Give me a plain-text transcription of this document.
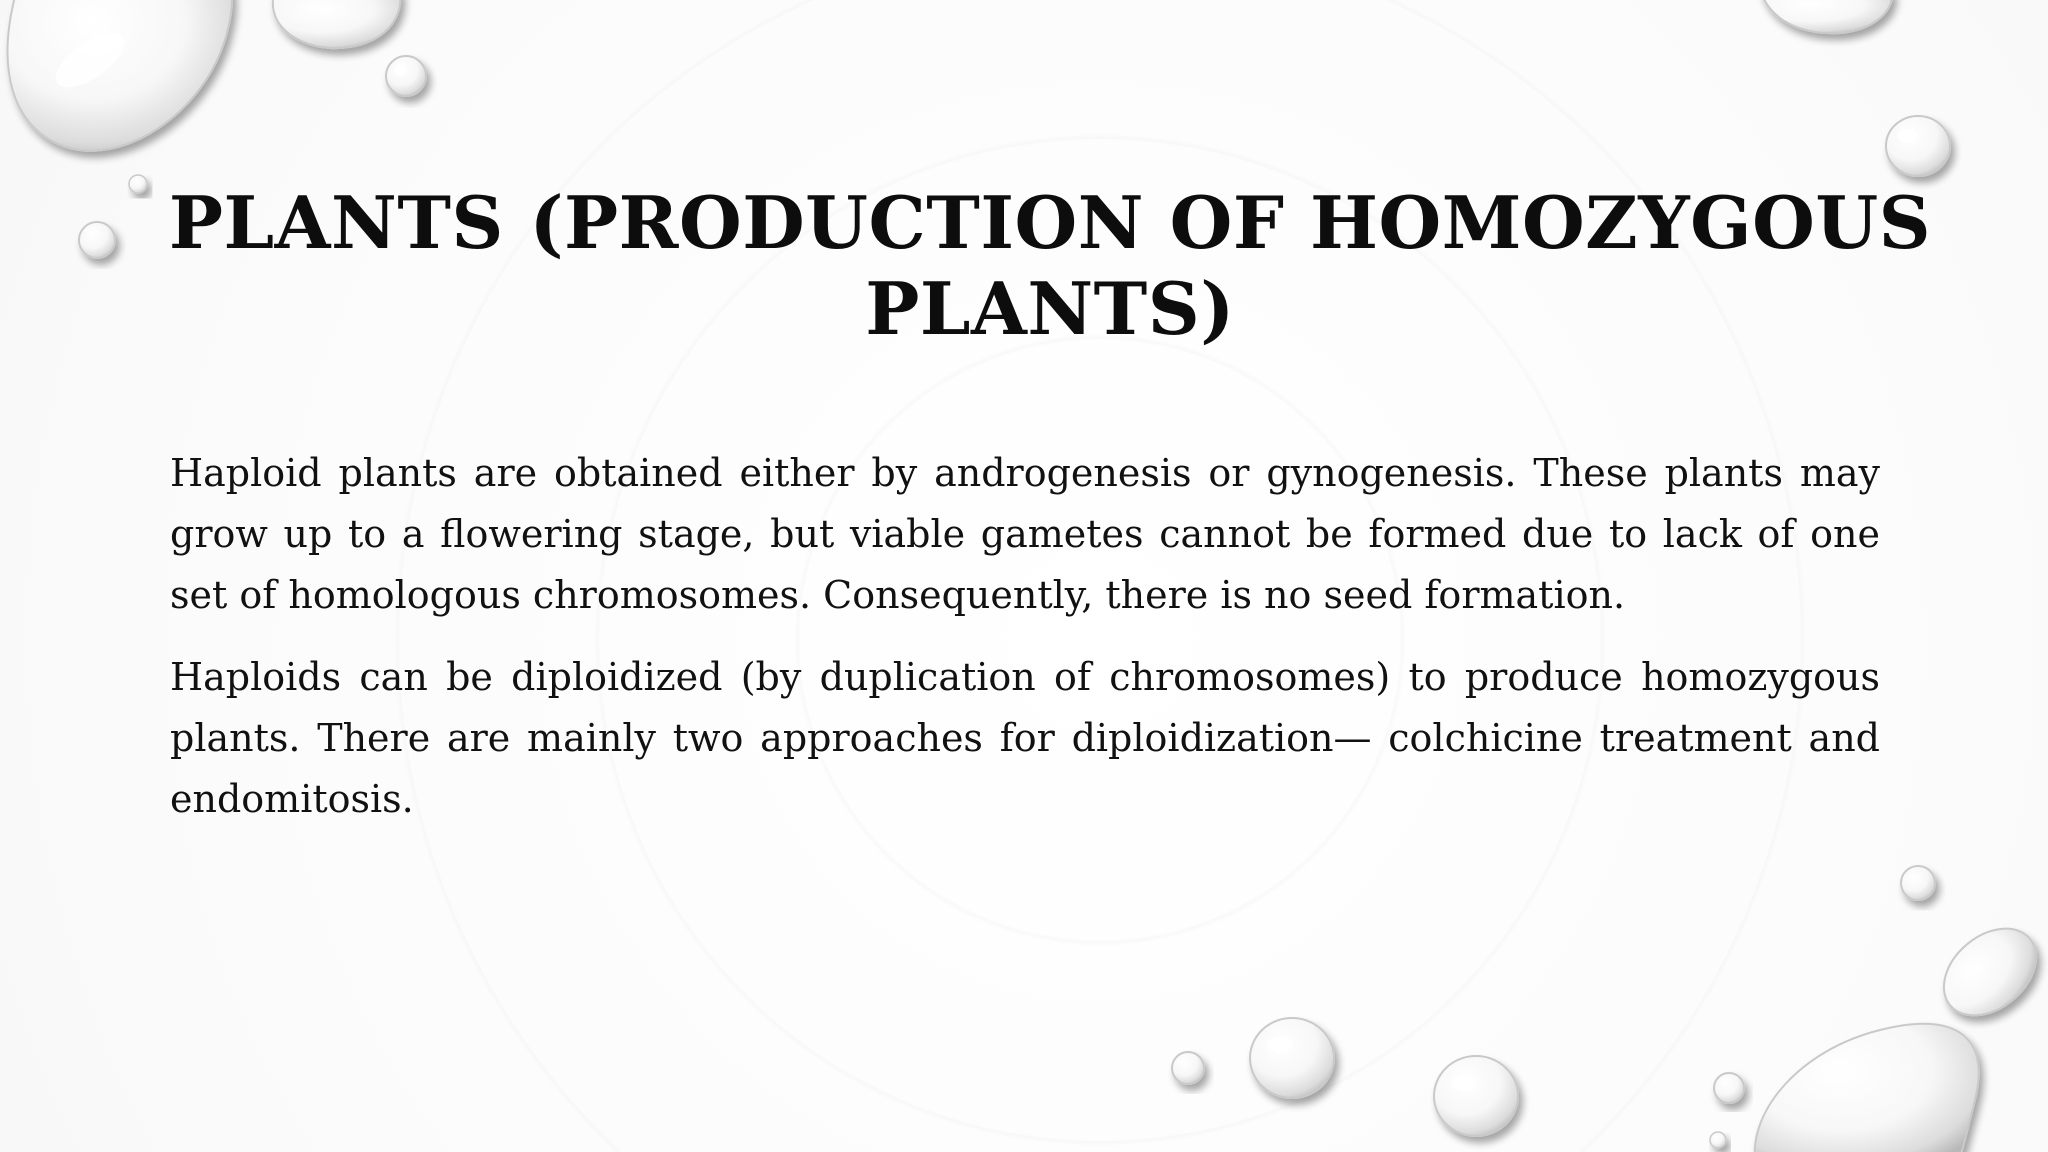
PLANTS (PRODUCTION OF HOMOZYGOUS PLANTS)

Haploid plants are obtained either by androgenesis or gynogenesis. These plants may grow up to a flowering stage, but viable gametes cannot be formed due to lack of one set of homologous chromosomes. Consequently, there is no seed formation.

Haploids can be diploidized (by duplication of chromosomes) to produce homozygous plants. There are mainly two approaches for diploidization— colchicine treatment and endomitosis.
